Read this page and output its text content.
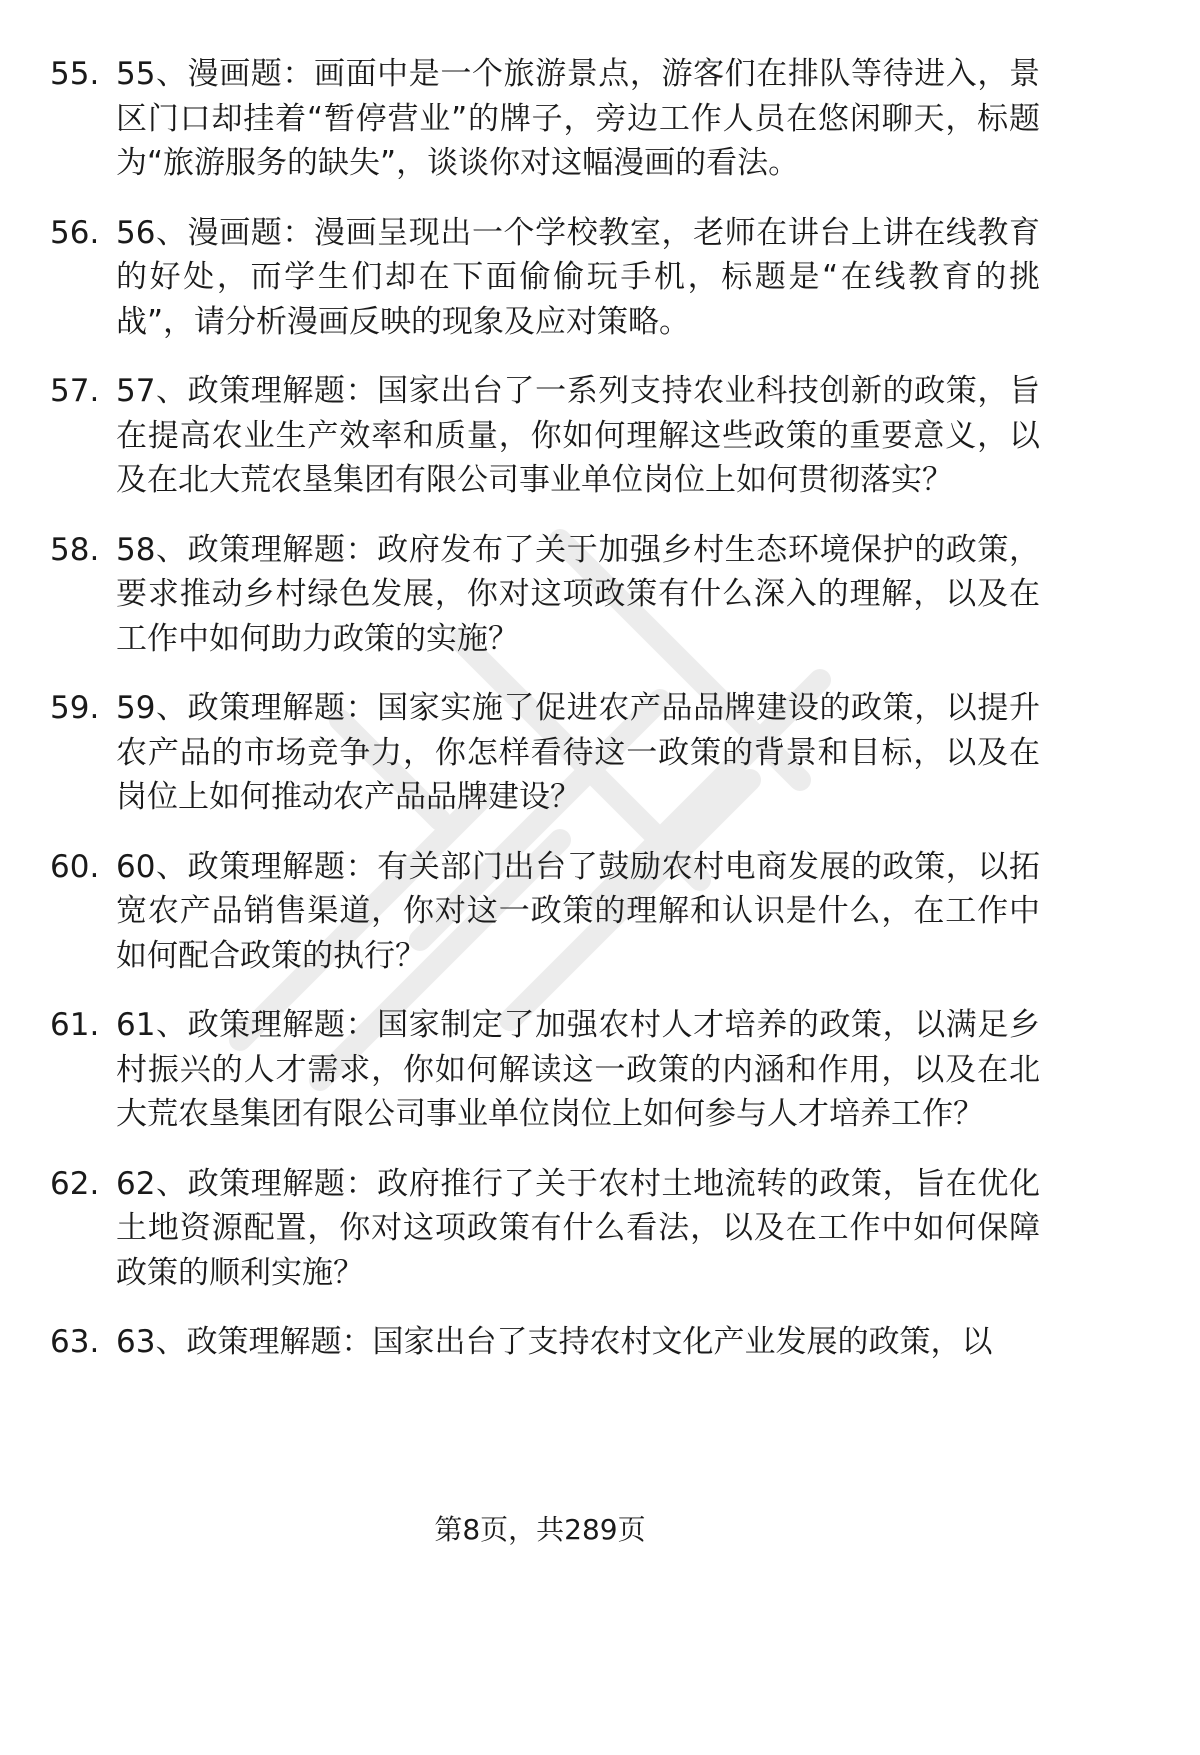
55. 55、漫画题：画面中是一个旅游景点，游客们在排队等待进入，景区门口却挂着“暂停营业”的牌子，旁边工作人员在悠闲聊天，标题为“旅游服务的缺失”，谈谈你对这幅漫画的看法。
56. 56、漫画题：漫画呈现出一个学校教室，老师在讲台上讲在线教育的好处，而学生们却在下面偷偷玩手机，标题是“在线教育的挑战”，请分析漫画反映的现象及应对策略。
57. 57、政策理解题：国家出台了一系列支持农业科技创新的政策，旨在提高农业生产效率和质量，你如何理解这些政策的重要意义，以及在北大荒农垦集团有限公司事业单位岗位上如何贯彻落实？
58. 58、政策理解题：政府发布了关于加强乡村生态环境保护的政策，要求推动乡村绿色发展，你对这项政策有什么深入的理解，以及在工作中如何助力政策的实施？
59. 59、政策理解题：国家实施了促进农产品品牌建设的政策，以提升农产品的市场竞争力，你怎样看待这一政策的背景和目标，以及在岗位上如何推动农产品品牌建设？
60. 60、政策理解题：有关部门出台了鼓励农村电商发展的政策，以拓宽农产品销售渠道，你对这一政策的理解和认识是什么，在工作中如何配合政策的执行？
61. 61、政策理解题：国家制定了加强农村人才培养的政策，以满足乡村振兴的人才需求，你如何解读这一政策的内涵和作用，以及在北大荒农垦集团有限公司事业单位岗位上如何参与人才培养工作？
62. 62、政策理解题：政府推行了关于农村土地流转的政策，旨在优化土地资源配置，你对这项政策有什么看法，以及在工作中如何保障政策的顺利实施？
63. 63、政策理解题：国家出台了支持农村文化产业发展的政策，以
第8页，共289页
